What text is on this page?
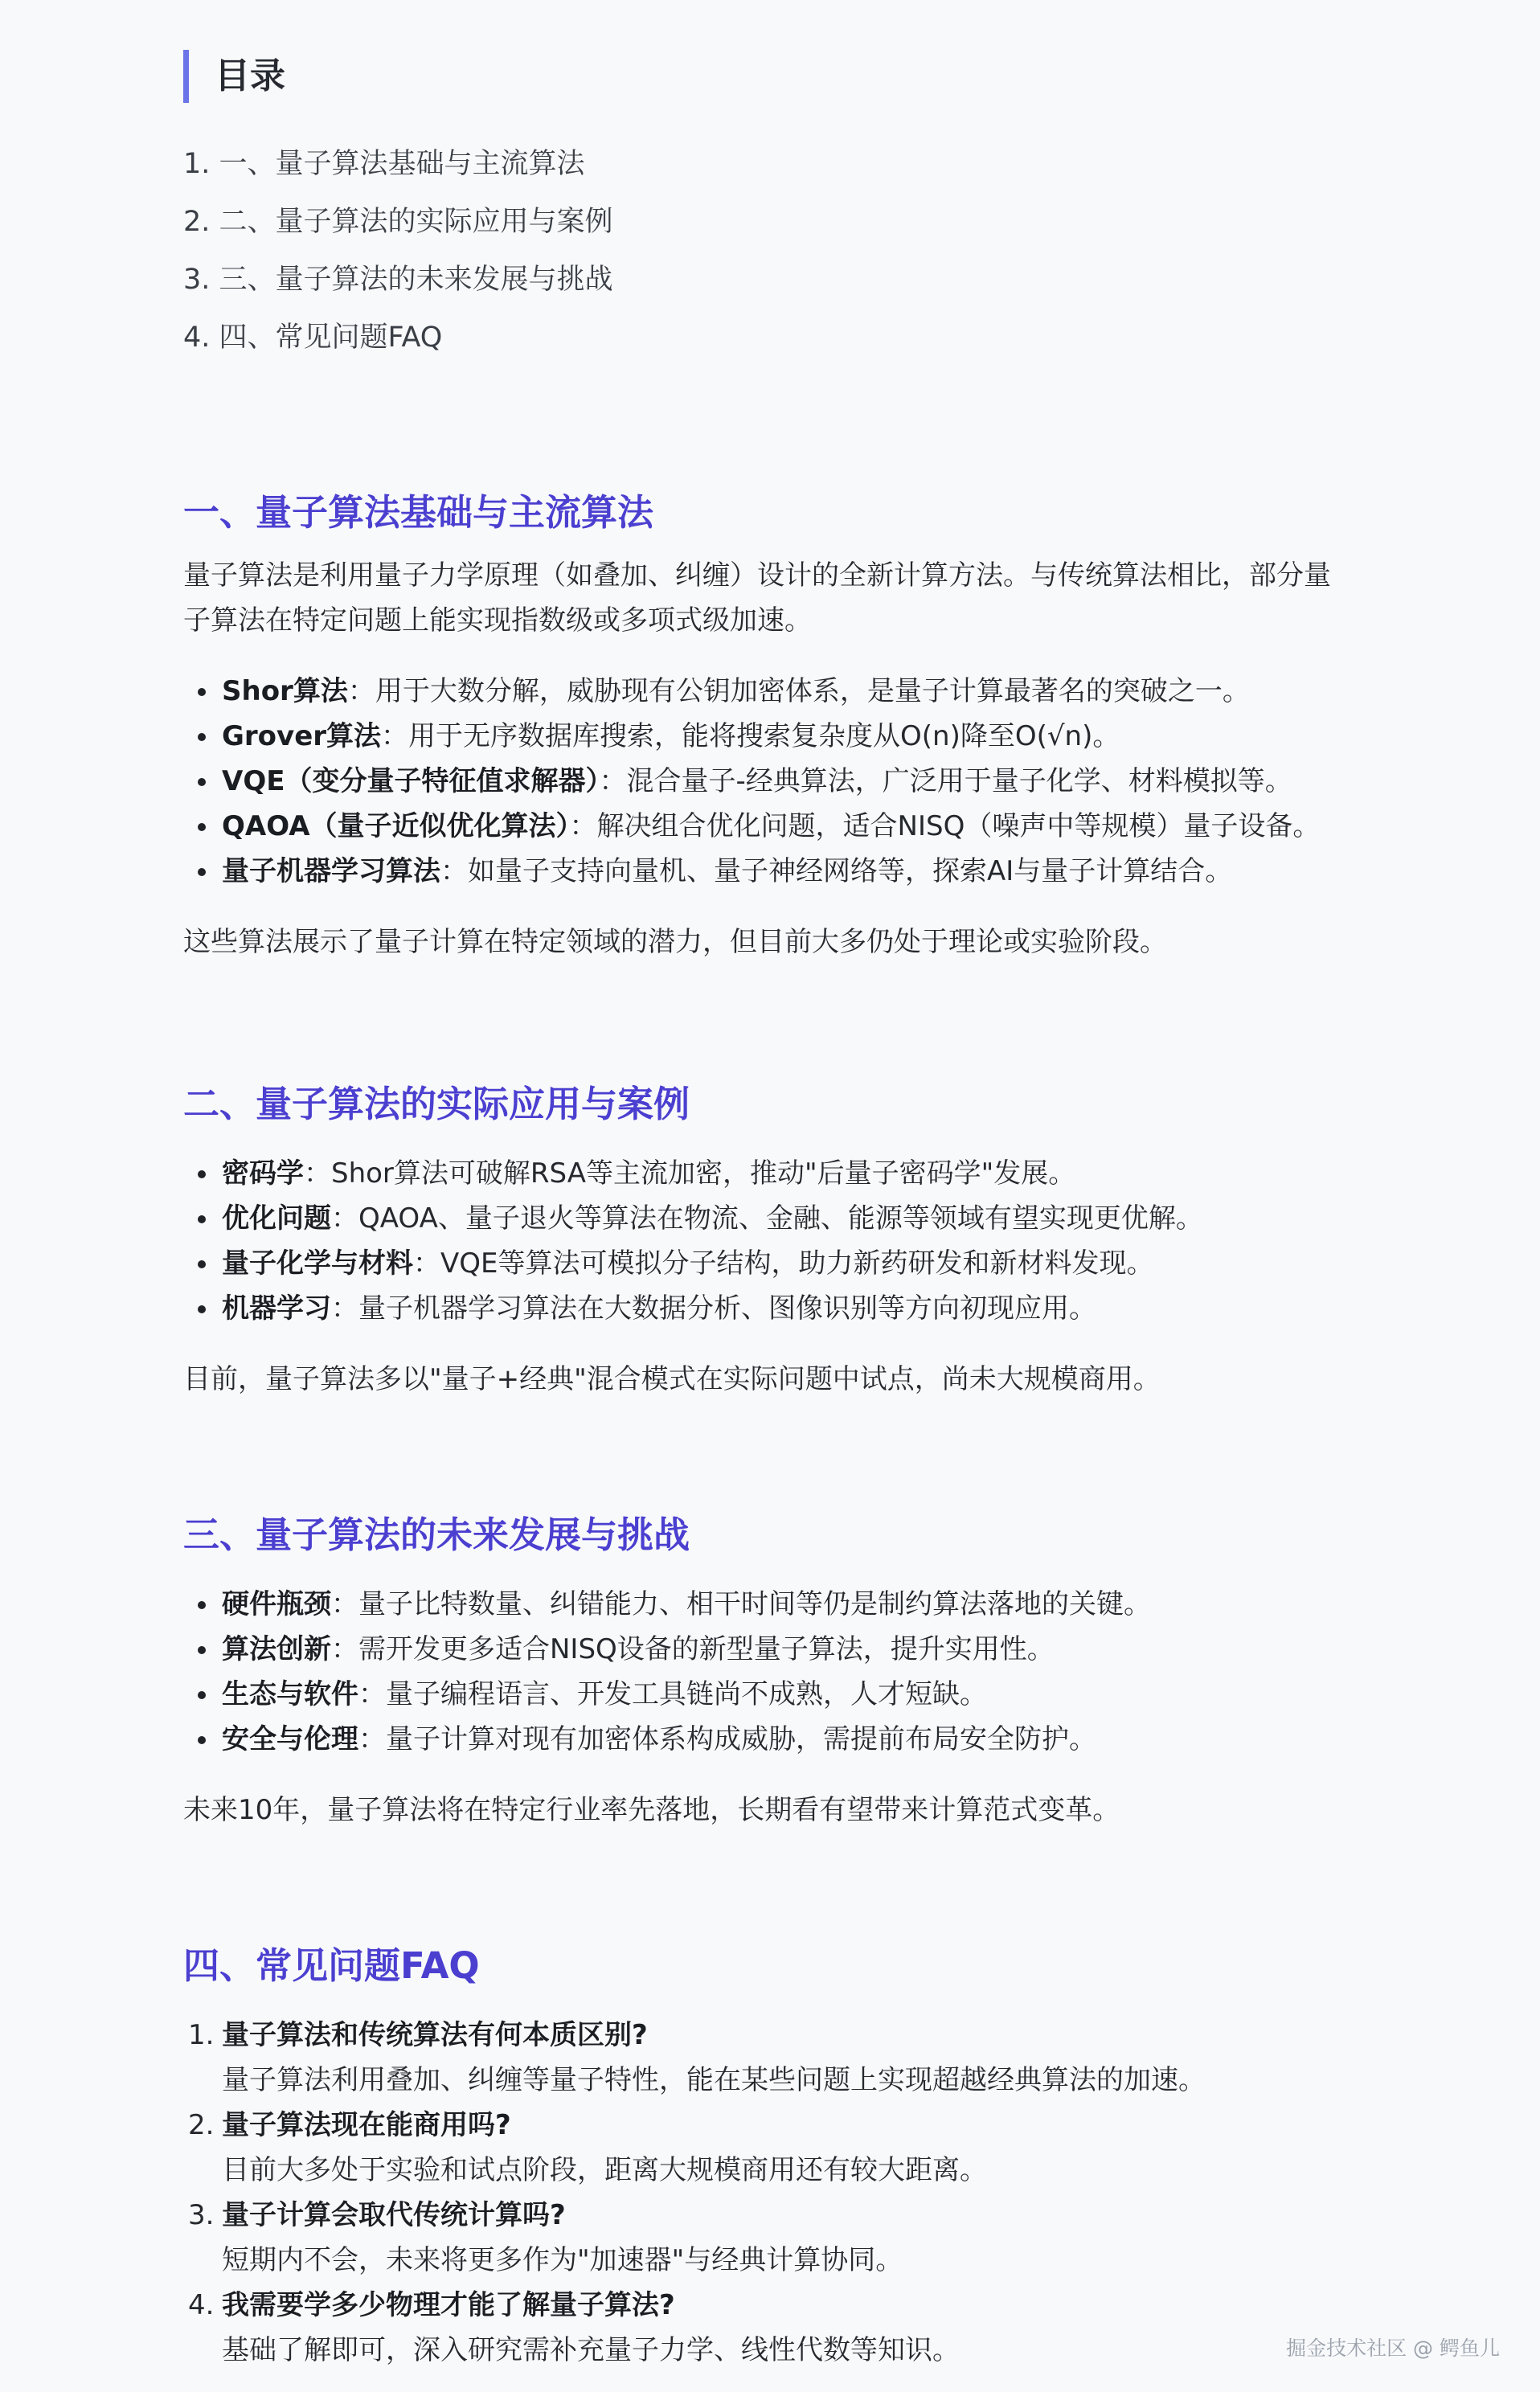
目录
1. 一、量子算法基础与主流算法
2. 二、量子算法的实际应用与案例
3. 三、量子算法的未来发展与挑战
4. 四、常见问题FAQ
一、量子算法基础与主流算法

量子算法是利用量子力学原理（如叠加、纠缠）设计的全新计算方法。与传统算法相比，部分量
子算法在特定问题上能实现指数级或多项式级加速。

Shor算法：用于大数分解，威胁现有公钥加密体系，是量子计算最著名的突破之一。
Grover算法：用于无序数据库搜索，能将搜索复杂度从O(n)降至O(√n)。
VQE（变分量子特征值求解器）：混合量子-经典算法，广泛用于量子化学、材料模拟等。
QAOA（量子近似优化算法）：解决组合优化问题，适合NISQ（噪声中等规模）量子设备。
量子机器学习算法：如量子支持向量机、量子神经网络等，探索AI与量子计算结合。

这些算法展示了量子计算在特定领域的潜力，但目前大多仍处于理论或实验阶段。

二、量子算法的实际应用与案例
密码学：Shor算法可破解RSA等主流加密，推动"后量子密码学"发展。
优化问题：QAOA、量子退火等算法在物流、金融、能源等领域有望实现更优解。
量子化学与材料：VQE等算法可模拟分子结构，助力新药研发和新材料发现。
机器学习：量子机器学习算法在大数据分析、图像识别等方向初现应用。

目前，量子算法多以"量子+经典"混合模式在实际问题中试点，尚未大规模商用。

三、量子算法的未来发展与挑战
硬件瓶颈：量子比特数量、纠错能力、相干时间等仍是制约算法落地的关键。
算法创新：需开发更多适合NISQ设备的新型量子算法，提升实用性。
生态与软件：量子编程语言、开发工具链尚不成熟，人才短缺。
安全与伦理：量子计算对现有加密体系构成威胁，需提前布局安全防护。

未来10年，量子算法将在特定行业率先落地，长期看有望带来计算范式变革。

四、常见问题FAQ
1. 量子算法和传统算法有何本质区别?
量子算法利用叠加、纠缠等量子特性，能在某些问题上实现超越经典算法的加速。
2. 量子算法现在能商用吗?
目前大多处于实验和试点阶段，距离大规模商用还有较大距离。
3. 量子计算会取代传统计算吗?
短期内不会，未来将更多作为"加速器"与经典计算协同。
4. 我需要学多少物理才能了解量子算法?
基础了解即可，深入研究需补充量子力学、线性代数等知识。	掘金技术社区 @ 鳄鱼儿
